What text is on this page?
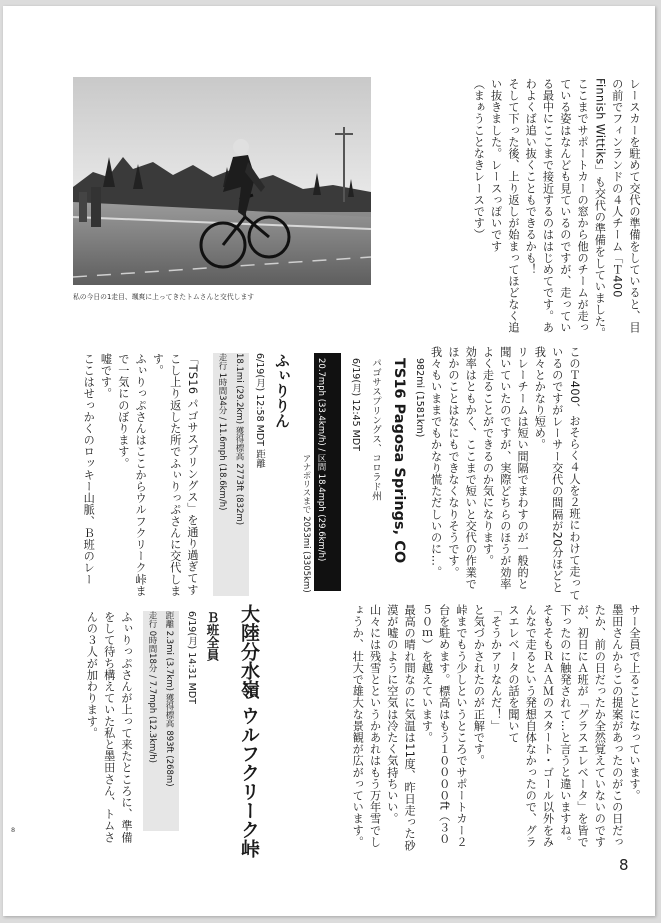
レースカーを駐めて交代の準備をしていると、目の前でフィンランドの４人チーム「Ｔ400 Finnish Wittiks」も交代の準備をしていました。
ここまでサポートカーの窓から他のチームが走っている姿はなんども見ているのですが、走っている最中にここまで接近するのははじめてです。あわよくば追い抜くこともできるかも！
そして下った後、上り返しが始まってほどなく追い抜きました。レースっぽいです
（まぁうことなきレースです）
私の今日の1走目、颯爽に上ってきたトムさんと交代します
このＴ400、おそらく４人を２班にわけて走っているのですがレーサー交代の間隔が20分ほどと我々とかなり短め。
リレーチームは短い間隔でまわすのが一般的と聞いていたのですが、実際どちらのほうが効率よく走ることができるのか気になります。
効率はともかく、ここまで短いと交代の作業でほかのことはなにもできなくなりそうです。
我々もいままでもかなり慌ただしいのに…。
982mi (1581km)
TS16 Pagosa Springs, CO
パゴサスプリングス、コロラド州
6/19(月) 12:45 MDT
20.7mph (33.4km/h) / 区間 18.4mph (29.6km/h)
アナポリスまで 2053mi (3305km)
ふぃりりん
6/19(月) 12:58 MDT 距離
18.1mi (29.2km) 獲得標高 2773ft (832m)
走行 1時間34分 / 11.6mph (18.6km/h)
「TS16 パゴサスプリングス」を通り過ぎてすこし上り返した所でふぃりっぷさんに交代します。
ふぃりっぷさんはここからウルフクリーク峠まで一気にのぼります。
嘘です。
ここはせっかくのロッキー山脈、Ｂ班のレー
サー全員で上ることになっています。
墨田さんからこの提案があったのがこの日だったか、前の日だったか全然覚えていないのですが、初日にＡ班が「グラスエレベータ」を皆で下ったのに触発されて…と言うと違いますね。そもそもＲＡＡＭのスタート・ゴール以外をみんなで走るという発想自体なかったので、グラスエレベータの話を聞いて
「そうかアリなんだ！」
と気づかされたのが正解です。
峠までもう少しというところでサポートカー２台を駐めます。標高はもう１００００ft（３０５０ｍ）を越えています。
最高の晴れ間なのに気温は11度、昨日走った砂漠が嘘のように空気は冷たく気持ちいい。
山々には残雪とというかあれはもう万年雪でしょうか、壮大で雄大な景観が広がっています。
大陸分水嶺 ウルフクリーク峠
Ｂ班全員
6/19(月) 14:31 MDT
距離 2.3mi (3.7km) 獲得標高 893ft (268m)
走行 0時間18分 / 7.7mph (12.3km/h)
ふぃりっぷさんが上って来たところに、準備をして待ち構えていた私と墨田さん、トムさんの３人が加わります。
8
8
